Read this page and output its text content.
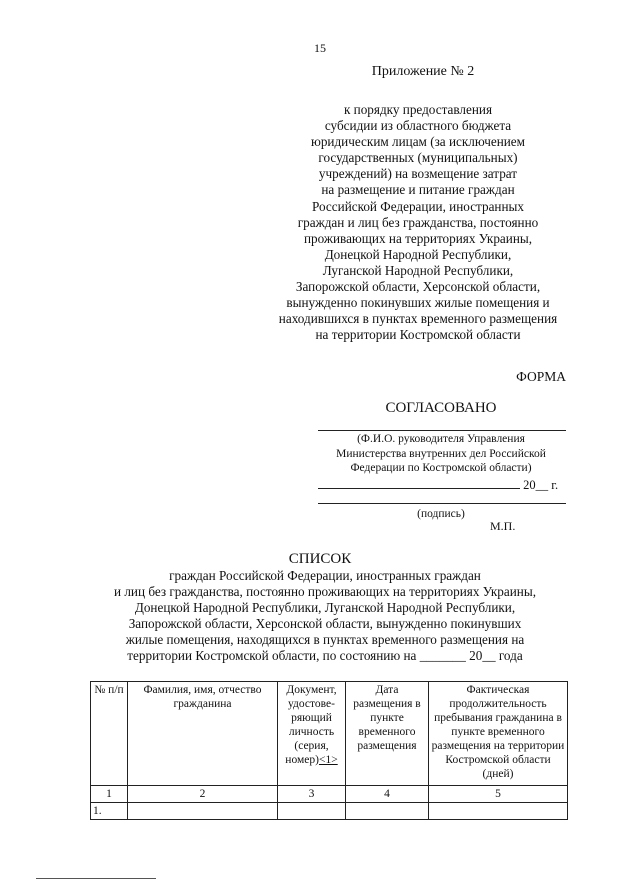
15
Приложение № 2
к порядку предоставления
субсидии из областного бюджета
юридическим лицам (за исключением
государственных (муниципальных)
учреждений) на возмещение затрат
на размещение и питание граждан
Российской Федерации, иностранных
граждан и лиц без гражданства, постоянно
проживающих на территориях Украины,
Донецкой Народной Республики,
Луганской Народной Республики,
Запорожской области, Херсонской области,
вынужденно покинувших жилые помещения и
находившихся в пунктах временного размещения
на территории Костромской области
ФОРМА
СОГЛАСОВАНО
(Ф.И.О. руководителя Управления
Министерства внутренних дел Российской
Федерации по Костромской области)
20__ г.
(подпись)
М.П.
СПИСОК
граждан Российской Федерации, иностранных граждан
и лиц без гражданства, постоянно проживающих на территориях Украины,
Донецкой Народной Республики, Луганской Народной Республики,
Запорожской области, Херсонской области, вынужденно покинувших
жилые помещения, находящихся в пунктах временного размещения на
территории Костромской области, по состоянию на _______ 20__ года
№ п/п	Фамилия, имя, отчество гражданина	Документ, удостове-ряющий личность (серия, номер)<1>	Дата размещения в пункте временного размещения	Фактическая продолжительность пребывания гражданина в пункте временного размещения на территории Костромской области (дней)
1	2	3	4	5
1.				
